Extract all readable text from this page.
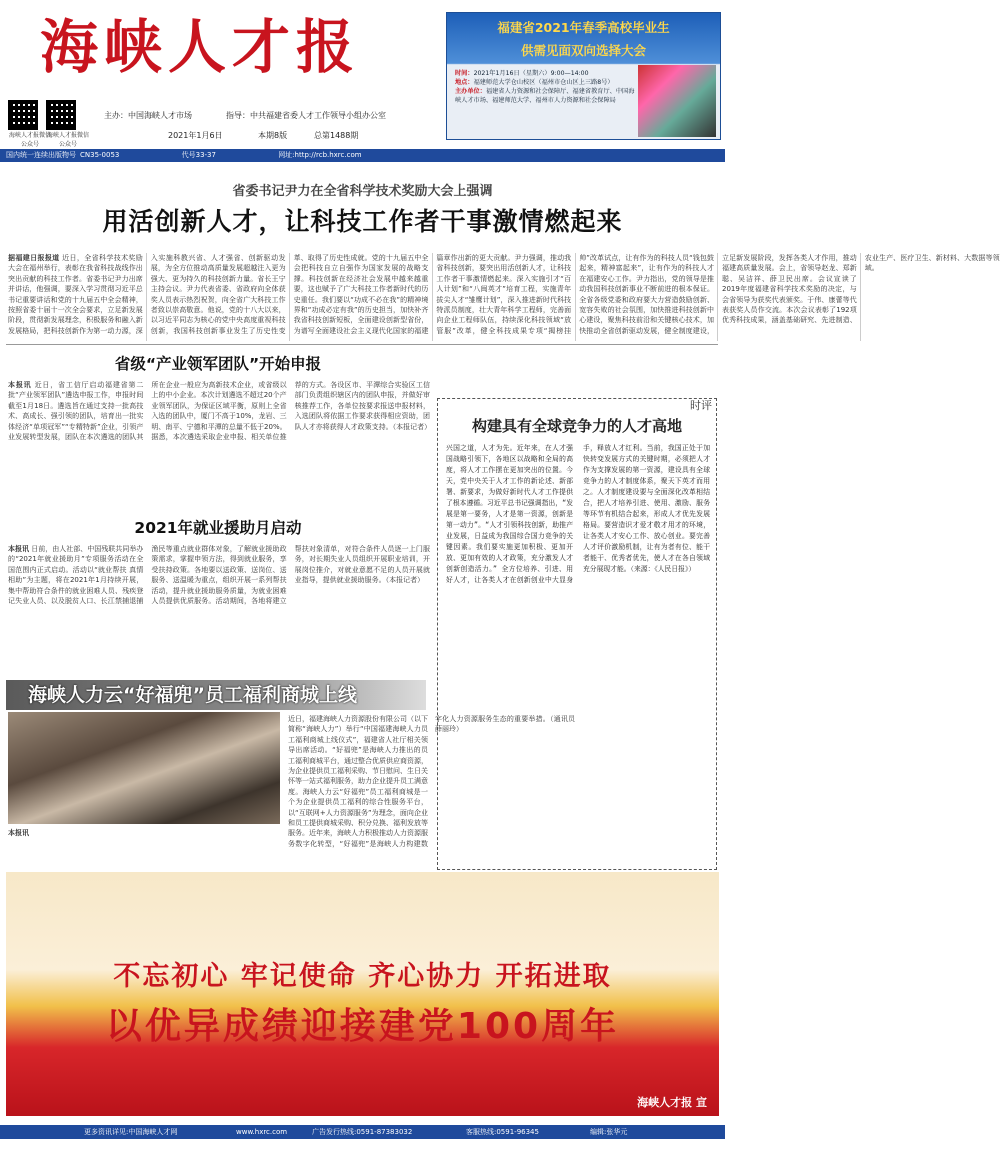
海峡人才报
海峡人才报微信公众号
海峡人才报微信公众号
主办：中国海峡人才市场	指导：中共福建省委人才工作领导小组办公室
2021年1月6日	本期8版	总第1488期
福建省2021年春季高校毕业生
供需见面双向选择大会
时间：2021年1月16日（星期六）9:00—14:00
地点：福建师范大学仓山校区（福州市仓山区上三路8号）
主办单位：福建省人力资源和社会保障厅、福建省教育厅、中国海峡人才市场、福建师范大学、福州市人力资源和社会保障局
国内统一连续出版物号 CN35-0053	代号33-37	网址:http://rcb.hxrc.com
省委书记尹力在全省科学技术奖励大会上强调
用活创新人才，让科技工作者干事激情燃起来
据福建日报报道 近日，全省科学技术奖励大会在福州举行，表彰在我省科技战线作出突出贡献的科技工作者。省委书记尹力出席并讲话，他强调，要深入学习贯彻习近平总书记重要讲话和党的十九届五中全会精神，按照省委十届十一次全会要求，立足新发展阶段，贯彻新发展理念，积极服务和融入新发展格局，把科技创新作为第一动力源，深入实施科教兴省、人才强省、创新驱动发展，为全方位推动高质量发展超越注入更为强大、更为持久的科技创新力量。省长王宁主持会议。尹力代表省委、省政府向全体获奖人员表示热烈祝贺，向全省广大科技工作者致以崇高敬意。他说，党的十八大以来，以习近平同志为核心的党中央高度重视科技创新，我国科技创新事业发生了历史性变革、取得了历史性成就。党的十九届五中全会把科技自立自强作为国家发展的战略支撑。科技创新在经济社会发展中越来越重要，这也赋予了广大科技工作者新时代的历史重任。我们要以“功成不必在我”的精神境界和“功成必定有我”的历史担当，加快补齐我省科技创新短板，全面建设创新型省份，为谱写全面建设社会主义现代化国家的福建篇章作出新的更大贡献。尹力强调，推动我省科技创新，要突出用活创新人才，让科技工作者干事激情燃起来。深入实施引才“百人计划”和“八闽英才”培育工程，实施青年拔尖人才“雏鹰计划”，深入推进新时代科技特派员制度，壮大青年科学工程师，完善面向企业工程师队伍，持续深化科技领域“放管服”改革，健全科技成果专项“揭榜挂帅”改革试点，让有作为的科技人员“钱包鼓起来，精神富起来”，让有作为的科技人才在福建安心工作。尹力指出，党的领导是推动我国科技创新事业不断前进的根本保证。全省各级党委和政府要大力营造鼓励创新、宽容失败的社会氛围，加快推进科技创新中心建设，聚焦科技前沿和关键核心技术，加快推动全省创新驱动发展，健全制度建设，立足新发展阶段，发挥各类人才作用，推动福建高质量发展。会上，省领导赵龙、郑新聪、吴洁祥、薛卫民出席。会议宣读了2019年度福建省科学技术奖励的决定，与会省领导为获奖代表颁奖。于伟、康蕾等代表获奖人员作交流。本次会议表彰了192项优秀科技成果，涵盖基础研究、先进制造、农业生产、医疗卫生、新材料、大数据等领域。
省级“产业领军团队”开始申报
本报讯 近日，省工信厅启动福建省第二批“产业领军团队”遴选申报工作，申报时间截至1月18日。遴选旨在通过支持一批高技术、高成长、强引领的团队，培育出一批实体经济“单项冠军”“专精特新”企业，引领产业发展转型发展，团队在本次遴选的团队其所在企业一般应为高新技术企业，或省级以上的中小企业。本次计划遴选不超过20个产业领军团队，为保证区域平衡，原则上全省入选的团队中，厦门不高于10%，龙岩、三明、南平、宁德和平潭的总量不低于20%。据悉，本次遴选采取企业申报、相关单位推荐的方式。各设区市、平潭综合实验区工信部门负责组织辖区内的团队申报，并做好审核推荐工作，各单位按要求报送申报材料，入选团队将依据工作要求获得相应资助，团队人才亦将获得人才政策支持。（本报记者）
2021年就业援助月启动
本报讯 日前，由人社部、中国残联共同举办的“2021年就业援助月”专项服务活动在全国范围内正式启动。活动以“就业帮扶 真情相助”为主题，将在2021年1月持续开展，集中帮助符合条件的就业困难人员、残疾登记失业人员、以及脱贫人口、长江禁捕退捕渔民等重点就业群体对象，了解就业援助政策需求，掌握申领方法，得到就业服务，享受扶持政策。各地要以送政策、送岗位、送服务、送温暖为重点，组织开展一系列帮扶活动，提升就业援助服务质量，为就业困难人员提供优质服务。活动期间，各地将建立帮扶对象清单，对符合条件人员逐一上门服务，对长期失业人员组织开展职业培训，开展岗位推介，对就业意愿不足的人员开展就业指导，提供就业援助服务。（本报记者）
时评
构建具有全球竞争力的人才高地
兴国之道，人才为先。近年来，在人才强国战略引领下，各地区以战略和全局的高度，将人才工作摆在更加突出的位置。今天，党中央关于人才工作的新论述、新部署、新要求，为做好新时代人才工作提供了根本遵循。习近平总书记强调指出，“发展是第一要务，人才是第一资源，创新是第一动力”。“人才引领科技创新，助推产业发展，日益成为我国综合国力竞争的关键因素。我们要实施更加积极、更加开放、更加有效的人才政策，充分激发人才创新创造活力。” 全方位培养、引进、用好人才，让各类人才在创新创业中大显身手，释放人才红利。当前，我国正处于加快转变发展方式的关键时期，必须把人才作为支撑发展的第一资源，建设具有全球竞争力的人才制度体系，聚天下英才而用之。人才制度建设要与全面深化改革相结合，把人才培养引进、使用、激励、服务等环节有机结合起来，形成人才优先发展格局。要营造识才爱才敬才用才的环境，让各类人才安心工作、放心创业。要完善人才评价激励机制，让有为者有位、能干者能干、优秀者优先，使人才在各自领域充分展现才能。（来源：《人民日报》）
海峡人力云“好福兜”员工福利商城上线
近日，福建海峡人力资源股份有限公司（以下简称“海峡人力”）举行“中国福建海峡人力员工福利商城上线仪式”，福建省人社厅相关领导出席活动。“好福兜”是海峡人力推出的员工福利商城平台，通过整合优质供应商资源，为企业提供员工福利采购、节日慰问、生日关怀等一站式福利服务，助力企业提升员工满意度。海峡人力云“好福兜”员工福利商城是一个为企业提供员工福利的综合性服务平台，以“互联网+人力资源服务”为理念，面向企业和员工提供商城采购、积分兑换、福利发放等服务。近年来，海峡人力积极推动人力资源服务数字化转型，“好福兜”是海峡人力构建数字化人力资源服务生态的重要举措。（通讯员 薛丽玲）
本报讯
不忘初心 牢记使命 齐心协力 开拓进取
以优异成绩迎接建党100周年
海峡人才报 宣
更多资讯详见:中国海峡人才网	www.hxrc.com	广告发行热线:0591-87383032	客服热线:0591-96345	编辑:张华元
